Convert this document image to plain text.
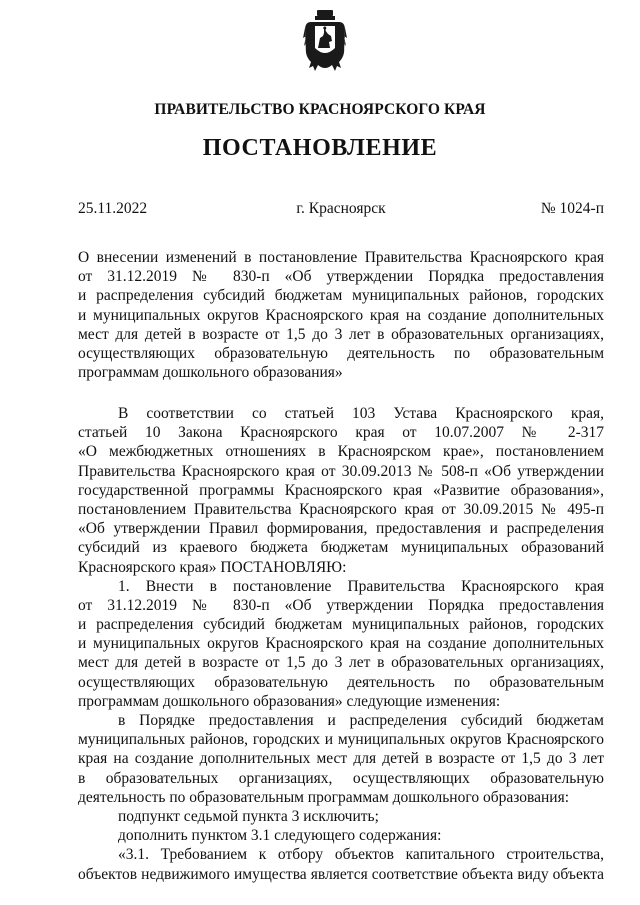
ПРАВИТЕЛЬСТВО КРАСНОЯРСКОГО КРАЯ
ПОСТАНОВЛЕНИЕ
25.11.2022	г. Красноярск	№ 1024-п
О внесении изменений в постановление Правительства Красноярского края
от 31.12.2019 № 830-п «Об утверждении Порядка предоставления
и распределения субсидий бюджетам муниципальных районов, городских
и муниципальных округов Красноярского края на создание дополнительных
мест для детей в возрасте от 1,5 до 3 лет в образовательных организациях,
осуществляющих образовательную деятельность по образовательным
программам дошкольного образования»
В соответствии со статьей 103 Устава Красноярского края,
статьей 10 Закона Красноярского края от 10.07.2007 № 2-317
«О межбюджетных отношениях в Красноярском крае», постановлением
Правительства Красноярского края от 30.09.2013 № 508-п «Об утверждении
государственной программы Красноярского края «Развитие образования»,
постановлением Правительства Красноярского края от 30.09.2015 № 495-п
«Об утверждении Правил формирования, предоставления и распределения
субсидий из краевого бюджета бюджетам муниципальных образований
Красноярского края» ПОСТАНОВЛЯЮ:
1. Внести в постановление Правительства Красноярского края
от 31.12.2019 № 830-п «Об утверждении Порядка предоставления
и распределения субсидий бюджетам муниципальных районов, городских
и муниципальных округов Красноярского края на создание дополнительных
мест для детей в возрасте от 1,5 до 3 лет в образовательных организациях,
осуществляющих образовательную деятельность по образовательным
программам дошкольного образования» следующие изменения:
в Порядке предоставления и распределения субсидий бюджетам
муниципальных районов, городских и муниципальных округов Красноярского
края на создание дополнительных мест для детей в возрасте от 1,5 до 3 лет
в образовательных организациях, осуществляющих образовательную
деятельность по образовательным программам дошкольного образования:
подпункт седьмой пункта 3 исключить;
дополнить пунктом 3.1 следующего содержания:
«3.1. Требованием к отбору объектов капитального строительства,
объектов недвижимого имущества является соответствие объекта виду объекта
